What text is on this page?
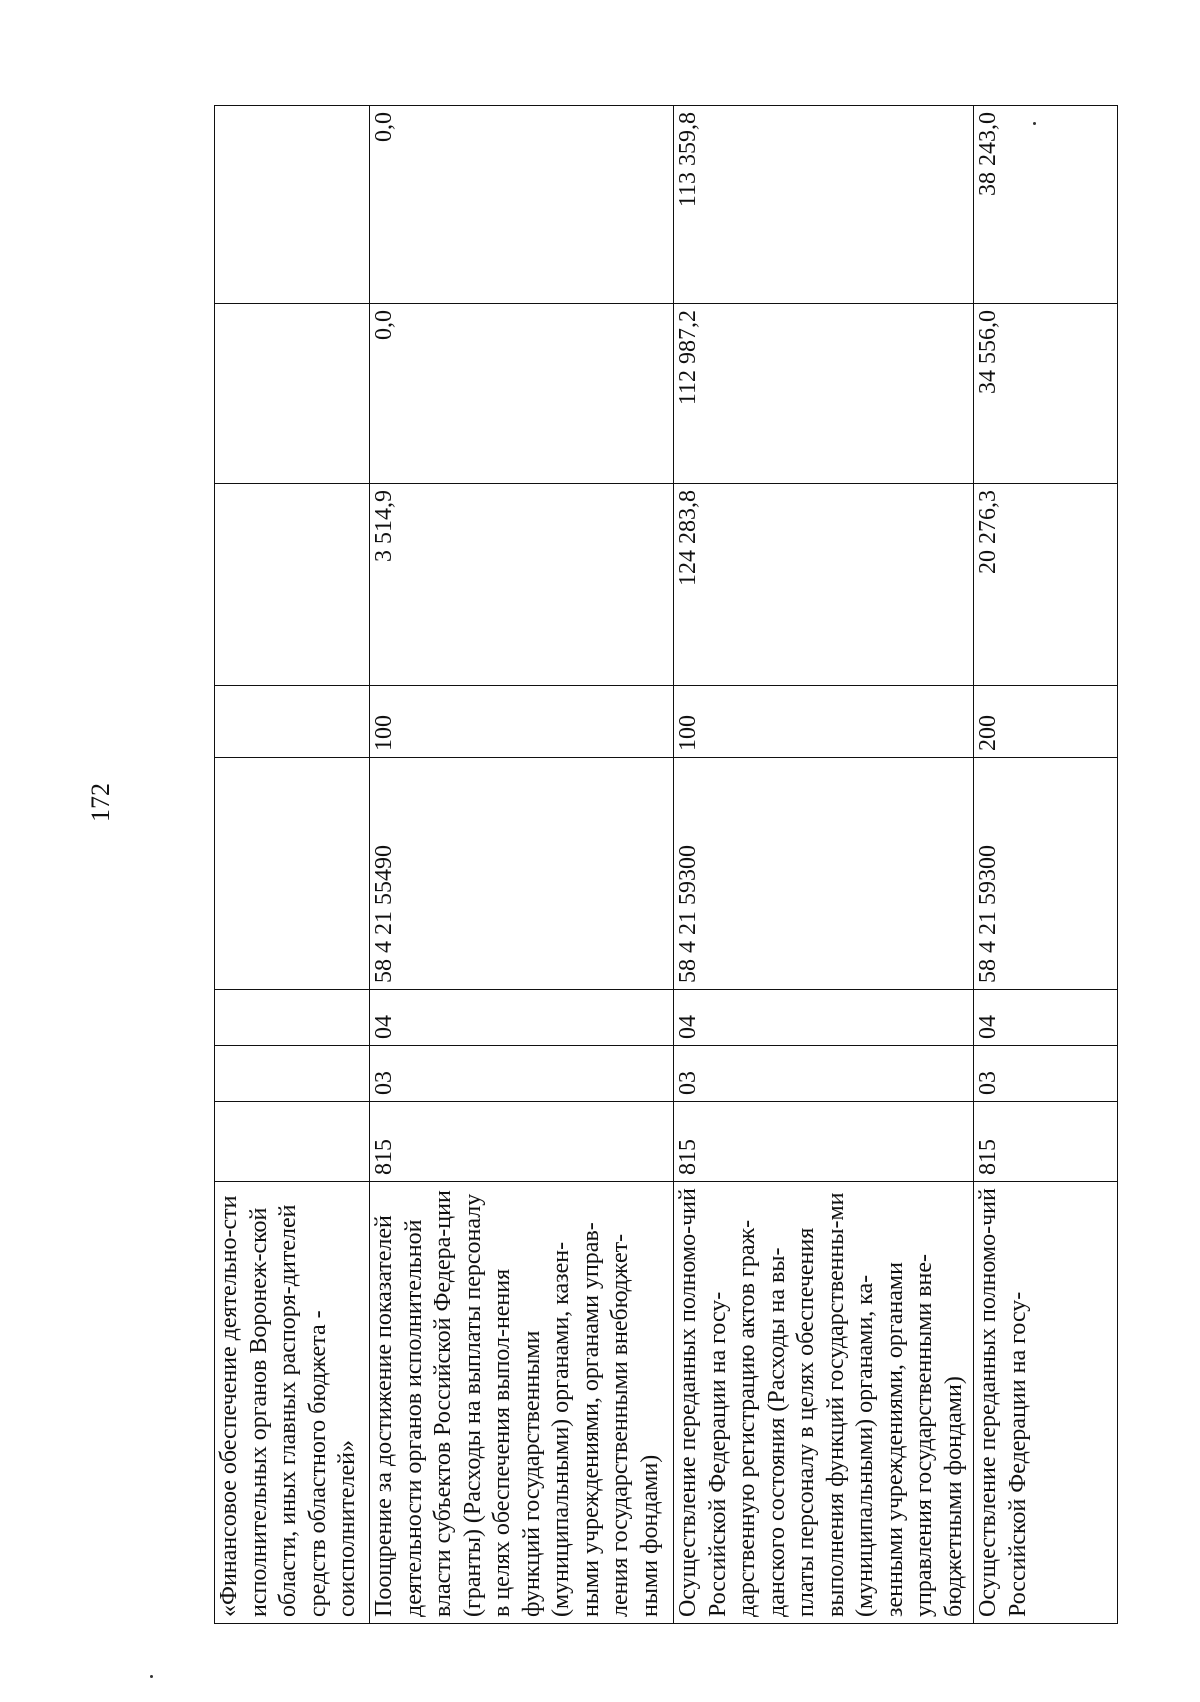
172
«Финансовое обеспечение деятельно-сти исполнительных органов Воронеж-ской области, иных главных распоря-дителей средств областного бюджета - соисполнителей»								
Поощрение за достижение показателей деятельности органов исполнительной власти субъектов Российской Федера-ции (гранты) (Расходы на выплаты персоналу в целях обеспечения выпол-нения функций государственными (муниципальными) органами, казен-ными учреждениями, органами управ-ления государственными внебюджет-ными фондами)	815	03	04	58 4 21 55490	100	3 514,9	0,0	0,0
Осуществление переданных полномо-чий Российской Федерации на госу-дарственную регистрацию актов граж-данского состояния (Расходы на вы-платы персоналу в целях обеспечения выполнения функций государственны-ми (муниципальными) органами, ка-зенными учреждениями, органами управления государственными вне-бюджетными фондами)	815	03	04	58 4 21 59300	100	124 283,8	112 987,2	113 359,8
Осуществление переданных полномо-чий Российской Федерации на госу-	815	03	04	58 4 21 59300	200	20 276,3	34 556,0	38 243,0
